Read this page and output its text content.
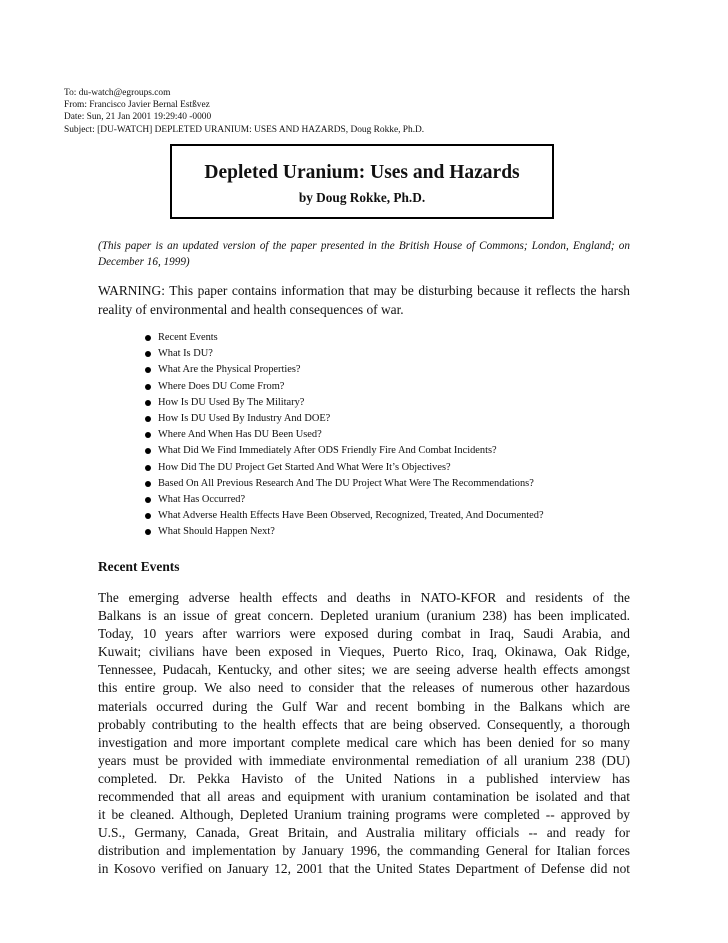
To: du-watch@egroups.com
From: Francisco Javier Bernal Estßvez
Date: Sun, 21 Jan 2001 19:29:40 -0000
Subject: [DU-WATCH] DEPLETED URANIUM: USES AND HAZARDS, Doug Rokke, Ph.D.
Depleted Uranium: Uses and Hazards
by Doug Rokke, Ph.D.
(This paper is an updated version of the paper presented in the British House of Commons; London, England; on December 16, 1999)
WARNING: This paper contains information that may be disturbing because it reflects the harsh reality of environmental and health consequences of war.
Recent Events
What Is DU?
What Are the Physical Properties?
Where Does DU Come From?
How Is DU Used By The Military?
How Is DU Used By Industry And DOE?
Where And When Has DU Been Used?
What Did We Find Immediately After ODS Friendly Fire And Combat Incidents?
How Did The DU Project Get Started And What Were It’s Objectives?
Based On All Previous Research And The DU Project What Were The Recommendations?
What Has Occurred?
What Adverse Health Effects Have Been Observed, Recognized, Treated, And Documented?
What Should Happen Next?
Recent Events
The emerging adverse health effects and deaths in NATO-KFOR and residents of the
Balkans is an issue of great concern. Depleted uranium (uranium 238) has been implicated.
Today, 10 years after warriors were exposed during combat in Iraq, Saudi Arabia, and
Kuwait; civilians have been exposed in Vieques, Puerto Rico, Iraq, Okinawa, Oak Ridge,
Tennessee, Pudacah, Kentucky, and other sites; we are seeing adverse health effects amongst
this entire group. We also need to consider that the releases of numerous other hazardous
materials occurred during the Gulf War and recent bombing in the Balkans which are
probably contributing to the health effects that are being observed. Consequently, a thorough
investigation and more important complete medical care which has been denied for so many
years must be provided with immediate environmental remediation of all uranium 238 (DU)
completed. Dr. Pekka Havisto of the United Nations in a published interview has
recommended that all areas and equipment with uranium contamination be isolated and that
it be cleaned. Although, Depleted Uranium training programs were completed -- approved by
U.S., Germany, Canada, Great Britain, and Australia military officials -- and ready for
distribution and implementation by January 1996, the commanding General for Italian forces
in Kosovo verified on January 12, 2001 that the United States Department of Defense did not
